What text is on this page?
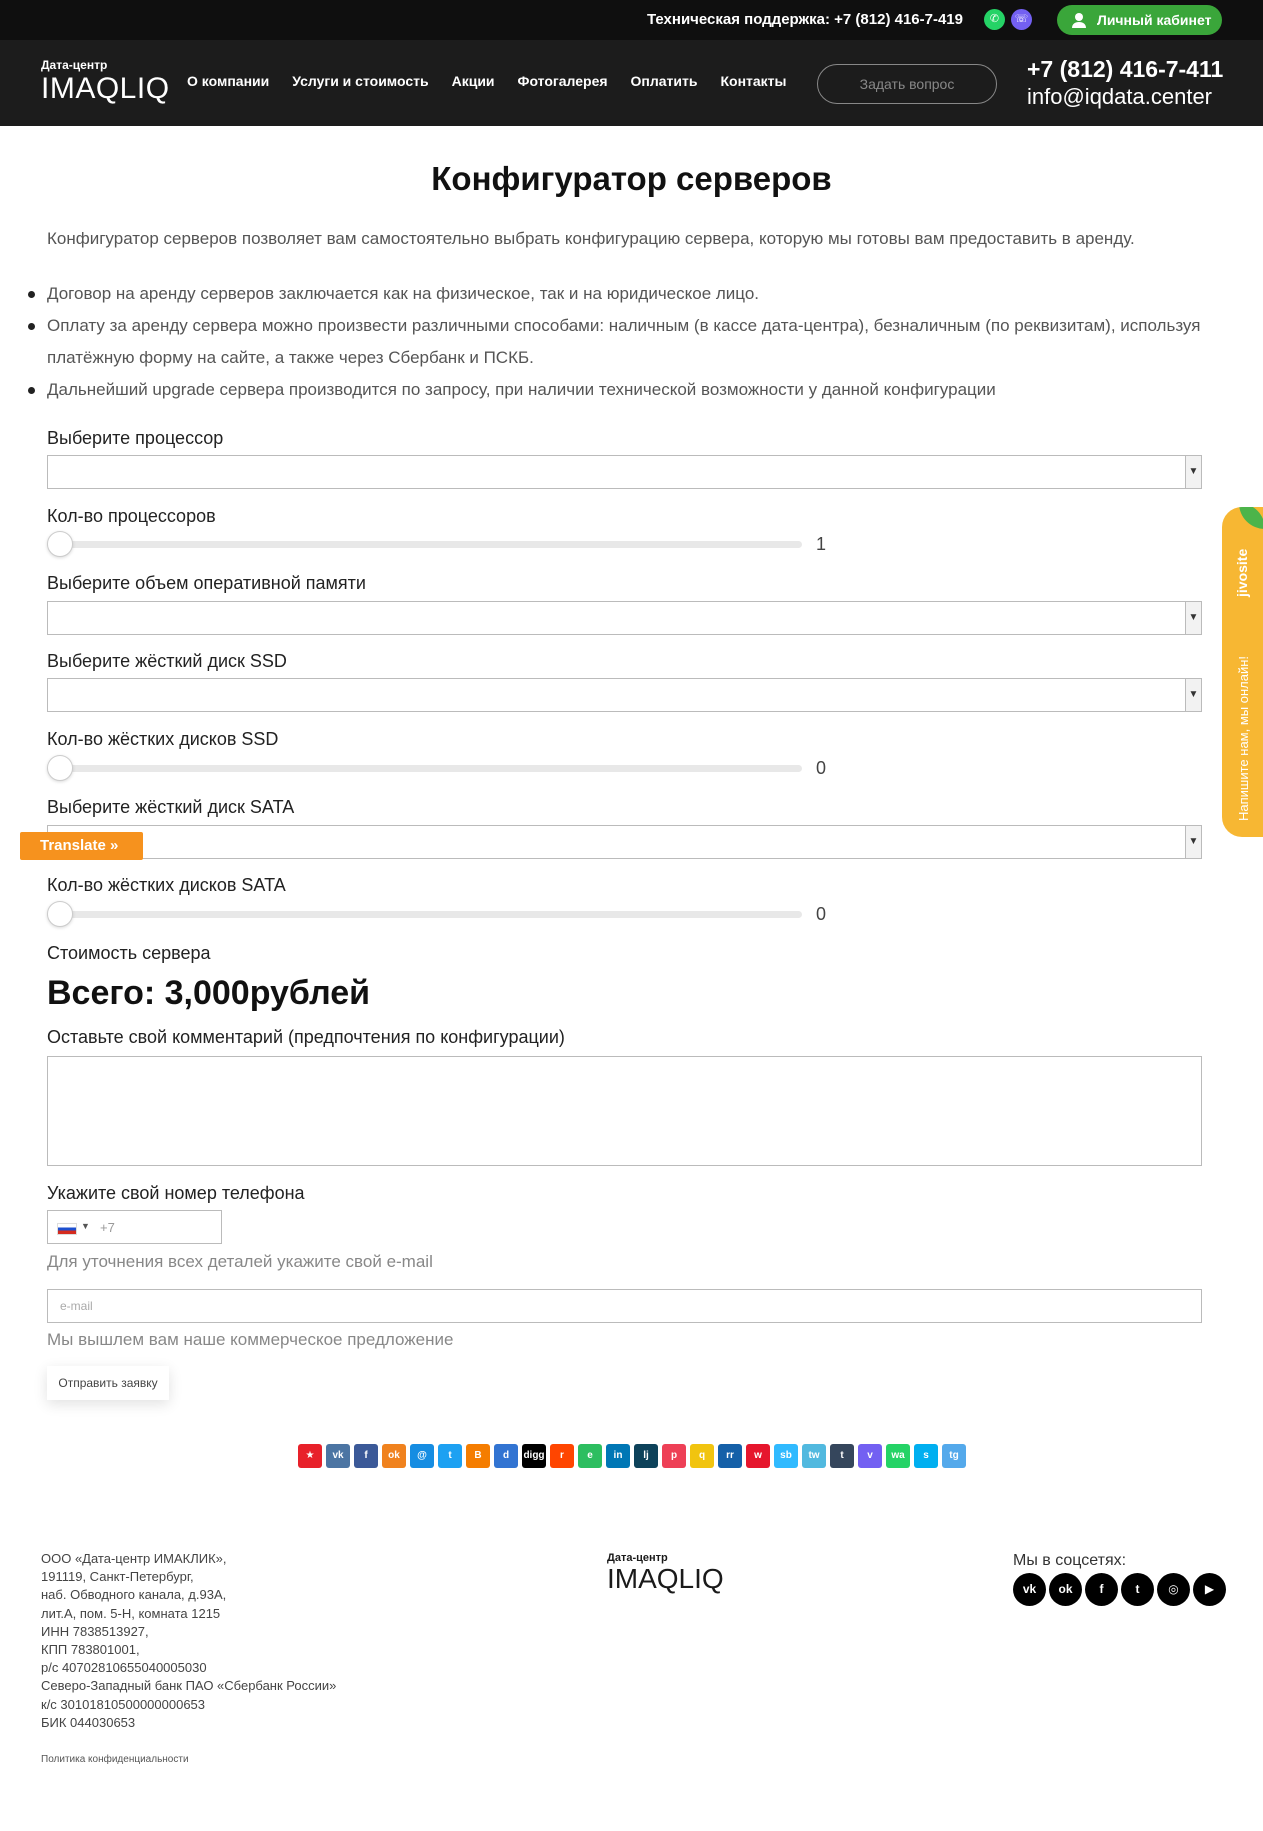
Техническая поддержка: +7 (812) 416-7-419	✆	☏	Личный кабинет
Дата-центр
IMAQLIQ О компании Услуги и стоимость Акции Фотогалерея Оплатить Контакты	Задать вопрос
+7 (812) 416-7-411
info@iqdata.center
Конфигуратор серверов

Конфигуратор серверов позволяет вам самостоятельно выбрать конфигурацию сервера, которую мы готовы вам предоставить в аренду.

Договор на аренду серверов заключается как на физическое, так и на юридическое лицо.
Оплату за аренду сервера можно произвести различными способами: наличным (в кассе дата-центра), безналичным (по реквизитам), используя платёжную форму на сайте, а также через Сбербанк и ПСКБ.
Дальнейший upgrade сервера производится по запросу, при наличии технической возможности у данной конфигурации
Выберите процессор
▼
Кол-во процессоров
1
Выберите объем оперативной памяти
▼
Выберите жёсткий диск SSD
▼
Кол-во жёстких дисков SSD
0
Выберите жёсткий диск SATA
▼
Кол-во жёстких дисков SATA
0
Стоимость сервера
Всего: 3,000рублей
Оставьте свой комментарий (предпочтения по конфигурации)
Укажите свой номер телефона
▼ +7
Для уточнения всех деталей укажите свой e-mail
e-mail
Мы вышлем вам наше коммерческое предложение
Отправить заявку
★	vk	f	ok	@	t	B	d	digg	r	e	in	lj	p	q	rr	w	sb	tw	t	v	wa	s	tg
ООО «Дата-центр ИМАКЛИК»,
191119, Санкт-Петербург,
наб. Обводного канала, д.93А,
лит.А, пом. 5-Н, комната 1215
ИНН 7838513927,
КПП 783801001,
р/с 40702810655040005030
Северо-Западный банк ПАО «Сбербанк России»
к/с 30101810500000000653
БИК 044030653
Политика конфиденциальности
Дата-центр
IMAQLIQ
Мы в соцсетях:
vk	ok	f	t	◎	▶
Translate »
jivosite
Напишите нам, мы онлайн!
